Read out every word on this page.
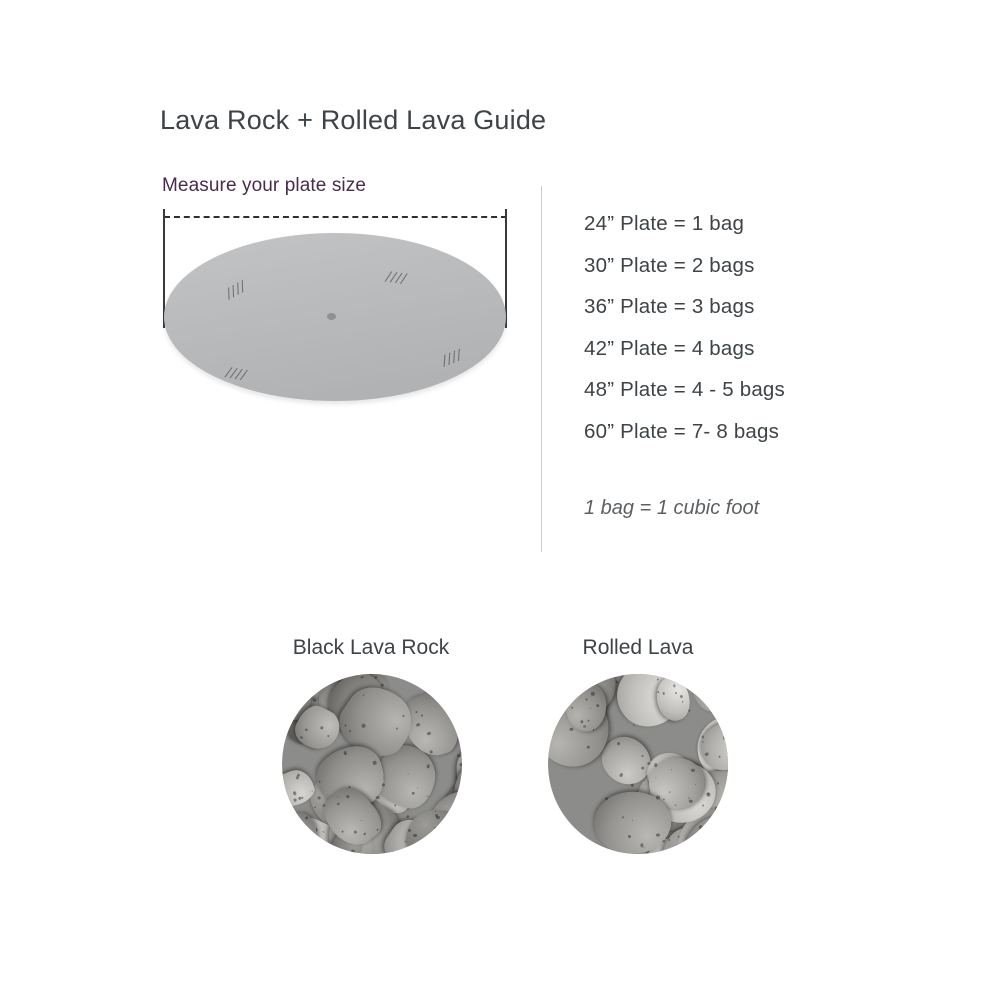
Lava Rock + Rolled Lava Guide
Measure your plate size
////	////
////
////
24” Plate = 1 bag
30” Plate = 2 bags
36” Plate = 3 bags
42” Plate = 4 bags
48” Plate = 4 - 5 bags
60” Plate = 7- 8 bags
1 bag = 1 cubic foot
Black Lava Rock	Rolled Lava
